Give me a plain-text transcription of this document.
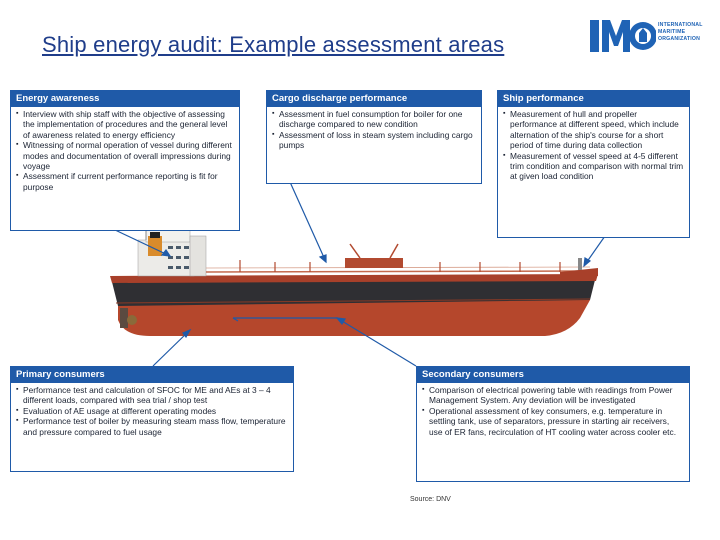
Ship energy audit: Example assessment areas
INTERNATIONAL
MARITIME
ORGANIZATION
Energy awareness
▪ Interview with ship staff with the objective of assessing the implementation of procedures and the general level of awareness related to energy efficiency
▪ Witnessing of normal operation of vessel during different modes and documentation of overall impressions during voyage
▪ Assessment if current performance reporting is fit for purpose
Cargo discharge performance
▪ Assessment in fuel consumption for boiler for one discharge compared to new condition
▪ Assessment of loss in steam system including cargo pumps
Ship performance
▪ Measurement of hull and propeller performance at different speed, which include alternation of the ship's course for a short period of time during data collection
▪ Measurement of vessel speed at 4-5 different trim condition and comparison with normal trim at given load condition
Primary consumers
▪ Performance test and calculation of SFOC for ME and AEs at 3 – 4 different loads, compared with sea trial / shop test
▪ Evaluation of AE usage at different operating modes
▪ Performance test of boiler by measuring steam mass flow, temperature and pressure compared to fuel usage
Secondary consumers
▪ Comparison of electrical powering table with readings from Power Management System. Any deviation will be investigated
▪ Operational assessment of key consumers, e.g. temperature in settling tank, use of separators, pressure in starting air receivers, use of ER fans, recirculation of HT cooling water across cooler etc.
Source: DNV
